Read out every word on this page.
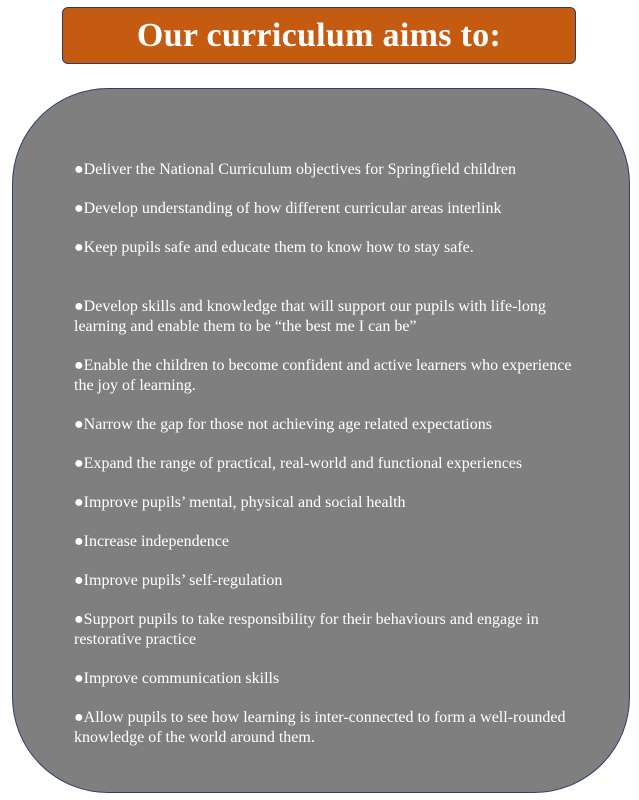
Our curriculum aims to:
●Deliver the National Curriculum objectives for Springfield children
●Develop understanding of how different curricular areas interlink
●Keep pupils safe and educate them to know how to stay safe.
●Develop skills and knowledge that will support our pupils with life-long learning and enable them to be “the best me I can be”
●Enable the children to become confident and active learners who experience the joy of learning.
●Narrow the gap for those not achieving age related expectations
●Expand the range of practical, real-world and functional experiences
●Improve pupils’ mental, physical and social health
●Increase independence
●Improve pupils’ self-regulation
●Support pupils to take responsibility for their behaviours and engage in restorative practice
●Improve communication skills
●Allow pupils to see how learning is inter-connected to form a well-rounded knowledge of the world around them.
